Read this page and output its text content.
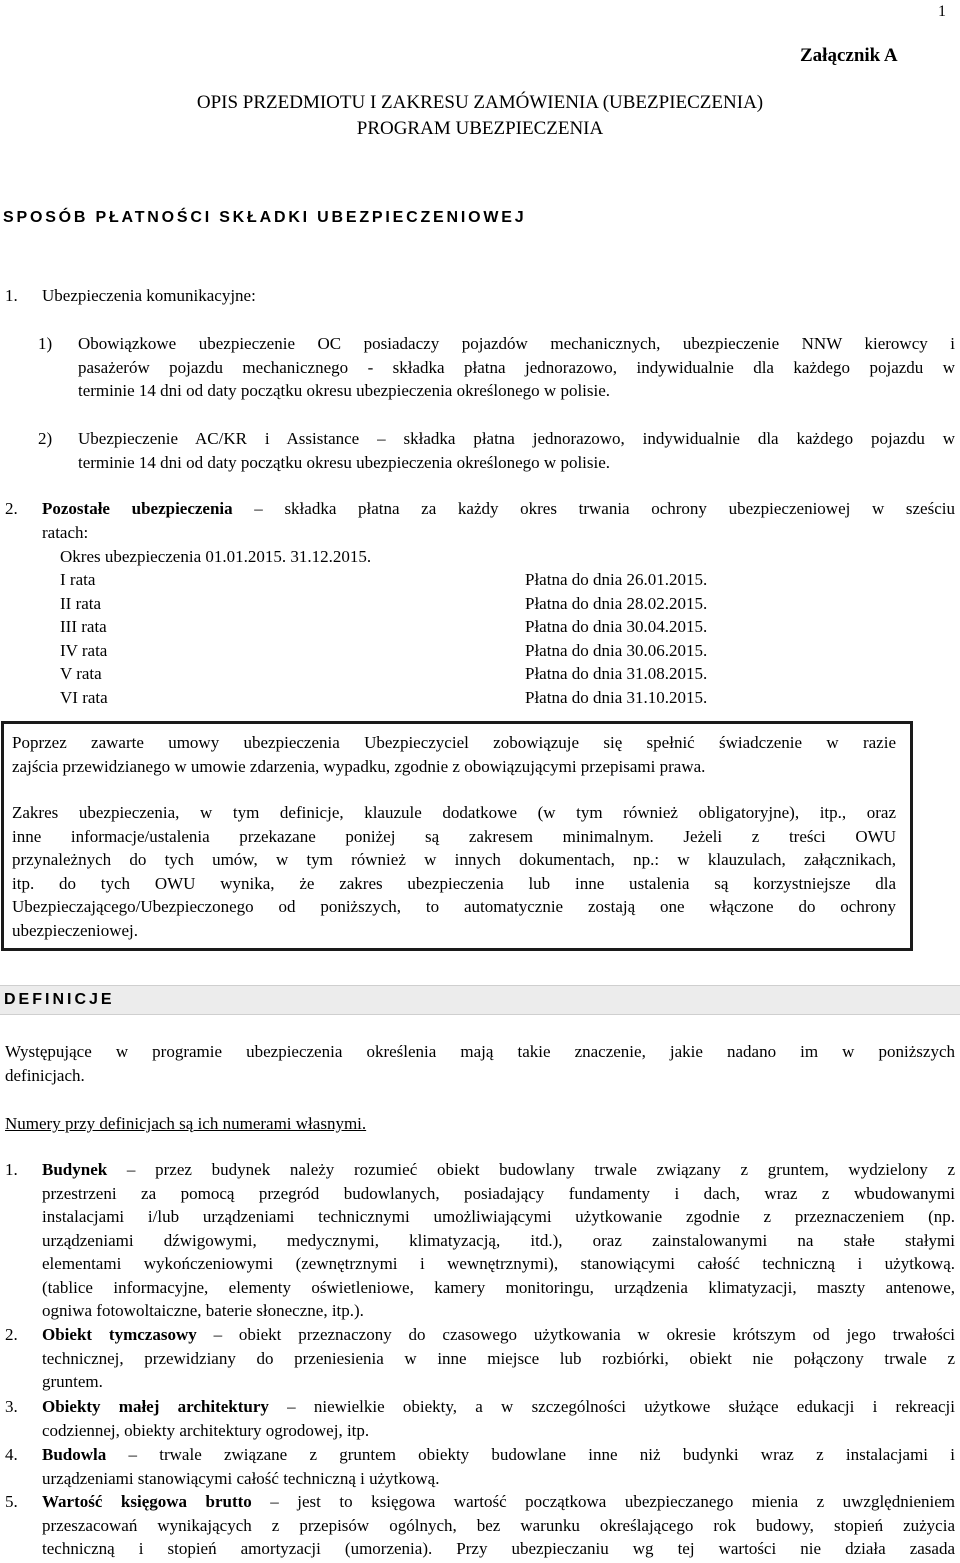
1
Załącznik A
OPIS PRZEDMIOTU I ZAKRESU ZAMÓWIENIA (UBEZPIECZENIA)
PROGRAM UBEZPIECZENIA
SPOSÓB PŁATNOŚCI SKŁADKI UBEZPIECZENIOWEJ
1. Ubezpieczenia komunikacyjne:
1) Obowiązkowe ubezpieczenie OC posiadaczy pojazdów mechanicznych, ubezpieczenie NNW kierowcy i
pasażerów pojazdu mechanicznego - składka płatna jednorazowo, indywidualnie dla każdego pojazdu w
terminie 14 dni od daty początku okresu ubezpieczenia określonego w polisie.
2) Ubezpieczenie AC/KR i Assistance – składka płatna jednorazowo, indywidualnie dla każdego pojazdu w
terminie 14 dni od daty początku okresu ubezpieczenia określonego w polisie.
2. Pozostałe ubezpieczenia – składka płatna za każdy okres trwania ochrony ubezpieczeniowej w sześciu
ratach:
Okres ubezpieczenia 01.01.2015. 31.12.2015.
I rata	Płatna do dnia 26.01.2015.
II rata	Płatna do dnia 28.02.2015.
III rata	Płatna do dnia 30.04.2015.
IV rata	Płatna do dnia 30.06.2015.
V rata	Płatna do dnia 31.08.2015.
VI rata	Płatna do dnia 31.10.2015.
Poprzez zawarte umowy ubezpieczenia Ubezpieczyciel zobowiązuje się spełnić świadczenie w razie
zajścia przewidzianego w umowie zdarzenia, wypadku, zgodnie z obowiązującymi przepisami prawa.
Zakres ubezpieczenia, w tym definicje, klauzule dodatkowe (w tym również obligatoryjne), itp., oraz
inne informacje/ustalenia przekazane poniżej są zakresem minimalnym. Jeżeli z treści OWU
przynależnych do tych umów, w tym również w innych dokumentach, np.: w klauzulach, załącznikach,
itp. do tych OWU wynika, że zakres ubezpieczenia lub inne ustalenia są korzystniejsze dla
Ubezpieczającego/Ubezpieczonego od poniższych, to automatycznie zostają one włączone do ochrony
ubezpieczeniowej.
DEFINICJE
Występujące w programie ubezpieczenia określenia mają takie znaczenie, jakie nadano im w poniższych
definicjach.
Numery przy definicjach są ich numerami własnymi.
1. Budynek – przez budynek należy rozumieć obiekt budowlany trwale związany z gruntem, wydzielony z
przestrzeni za pomocą przegród budowlanych, posiadający fundamenty i dach, wraz z wbudowanymi
instalacjami i/lub urządzeniami technicznymi umożliwiającymi użytkowanie zgodnie z przeznaczeniem (np.
urządzeniami dźwigowymi, medycznymi, klimatyzacją, itd.), oraz zainstalowanymi na stałe stałymi
elementami wykończeniowymi (zewnętrznymi i wewnętrznymi), stanowiącymi całość techniczną i użytkową.
(tablice informacyjne, elementy oświetleniowe, kamery monitoringu, urządzenia klimatyzacji, maszty antenowe,
ogniwa fotowoltaiczne, baterie słoneczne, itp.).
2. Obiekt tymczasowy – obiekt przeznaczony do czasowego użytkowania w okresie krótszym od jego trwałości
technicznej, przewidziany do przeniesienia w inne miejsce lub rozbiórki, obiekt nie połączony trwale z
gruntem.
3. Obiekty małej architektury – niewielkie obiekty, a w szczególności użytkowe służące edukacji i rekreacji
codziennej, obiekty architektury ogrodowej, itp.
4. Budowla – trwale związane z gruntem obiekty budowlane inne niż budynki wraz z instalacjami i
urządzeniami stanowiącymi całość techniczną i użytkową.
5. Wartość księgowa brutto – jest to księgowa wartość początkowa ubezpieczanego mienia z uwzględnieniem
przeszacowań wynikających z przepisów ogólnych, bez warunku określającego rok budowy, stopień zużycia
techniczną i stopień amortyzacji (umorzenia). Przy ubezpieczaniu wg tej wartości nie działa zasada
